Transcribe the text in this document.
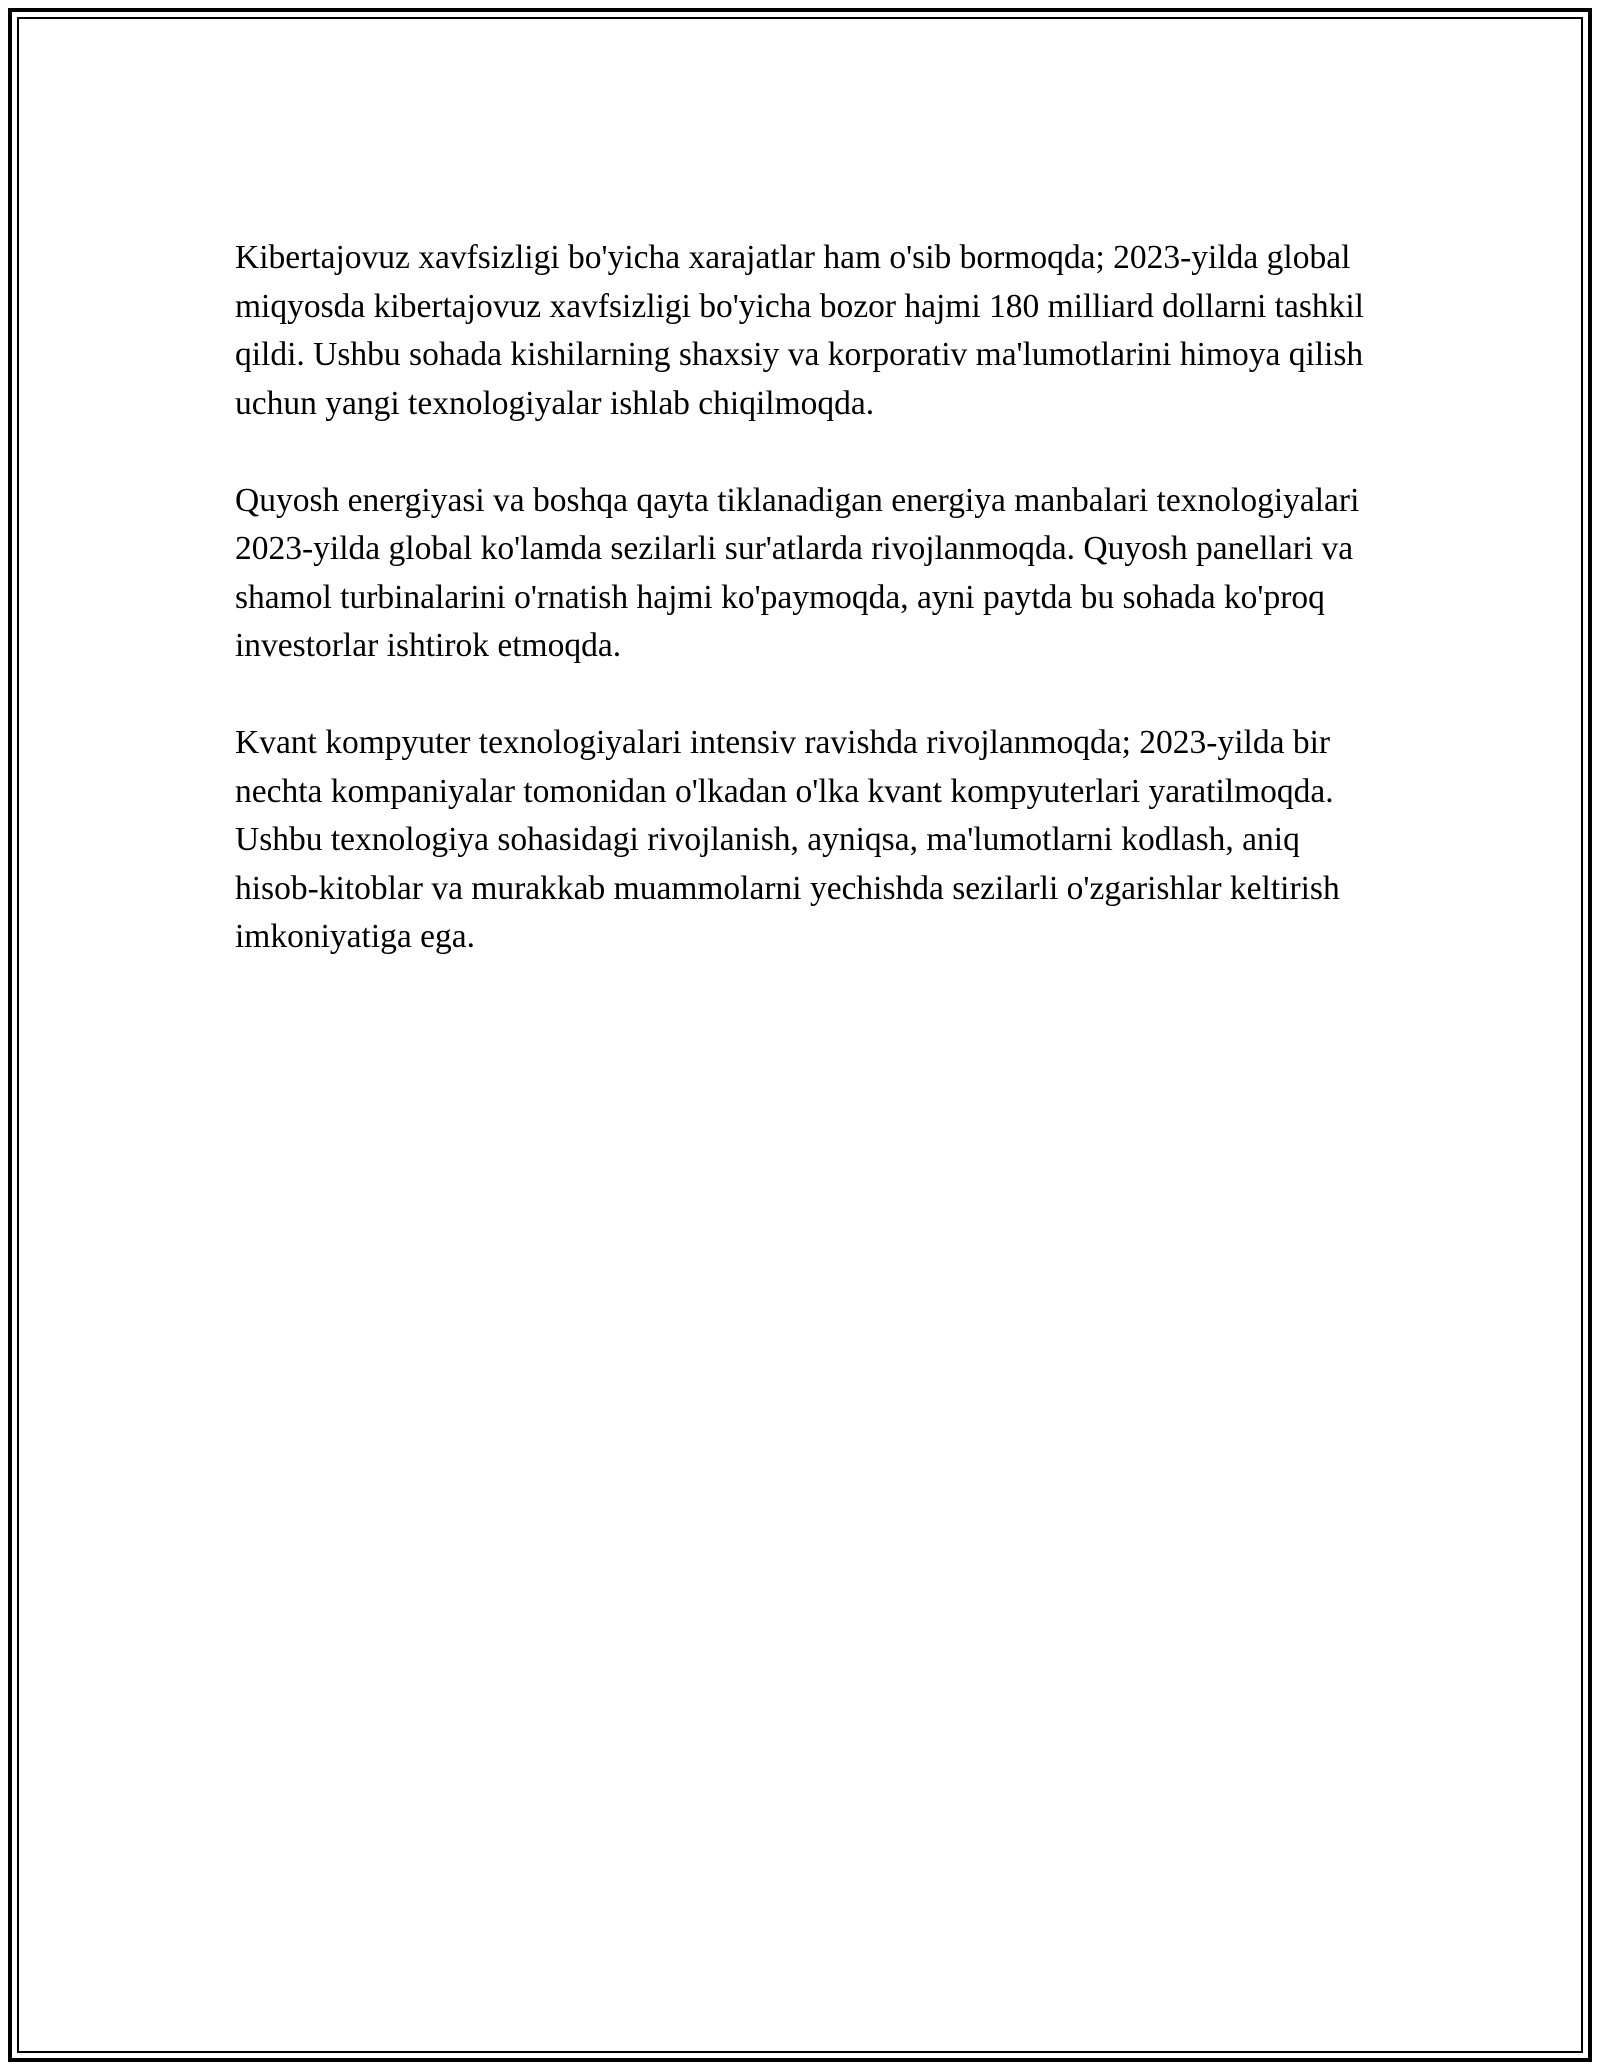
Kibertajovuz xavfsizligi bo'yicha xarajatlar ham o'sib bormoqda; 2023-yilda global miqyosda kibertajovuz xavfsizligi bo'yicha bozor hajmi 180 milliard dollarni tashkil qildi. Ushbu sohada kishilarning shaxsiy va korporativ ma'lumotlarini himoya qilish uchun yangi texnologiyalar ishlab chiqilmoqda.

Quyosh energiyasi va boshqa qayta tiklanadigan energiya manbalari texnologiyalari 2023-yilda global ko'lamda sezilarli sur'atlarda rivojlanmoqda. Quyosh panellari va shamol turbinalarini o'rnatish hajmi ko'paymoqda, ayni paytda bu sohada ko'proq investorlar ishtirok etmoqda.

Kvant kompyuter texnologiyalari intensiv ravishda rivojlanmoqda; 2023-yilda bir nechta kompaniyalar tomonidan o'lkadan o'lka kvant kompyuterlari yaratilmoqda. Ushbu texnologiya sohasidagi rivojlanish, ayniqsa, ma'lumotlarni kodlash, aniq hisob-kitoblar va murakkab muammolarni yechishda sezilarli o'zgarishlar keltirish imkoniyatiga ega.
